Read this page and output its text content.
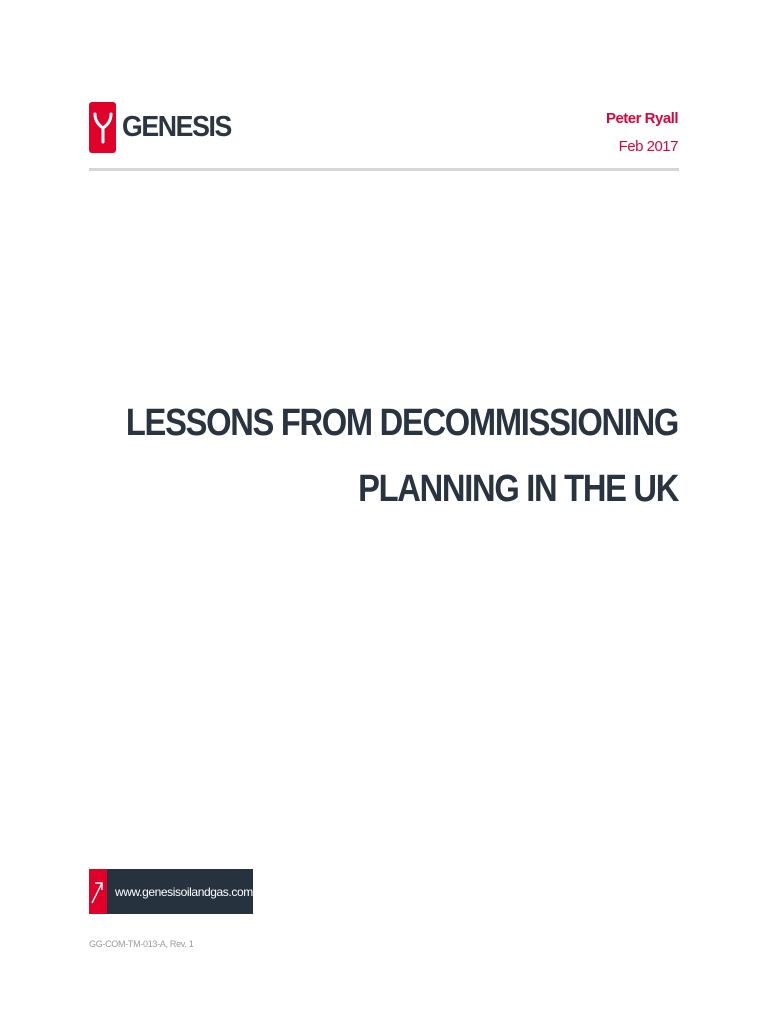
GENESIS	Peter Ryall
Feb 2017
LESSONS FROM DECOMMISSIONING
PLANNING IN THE UK
www.genesisoilandgas.com
GG-COM-TM-013-A, Rev. 1
